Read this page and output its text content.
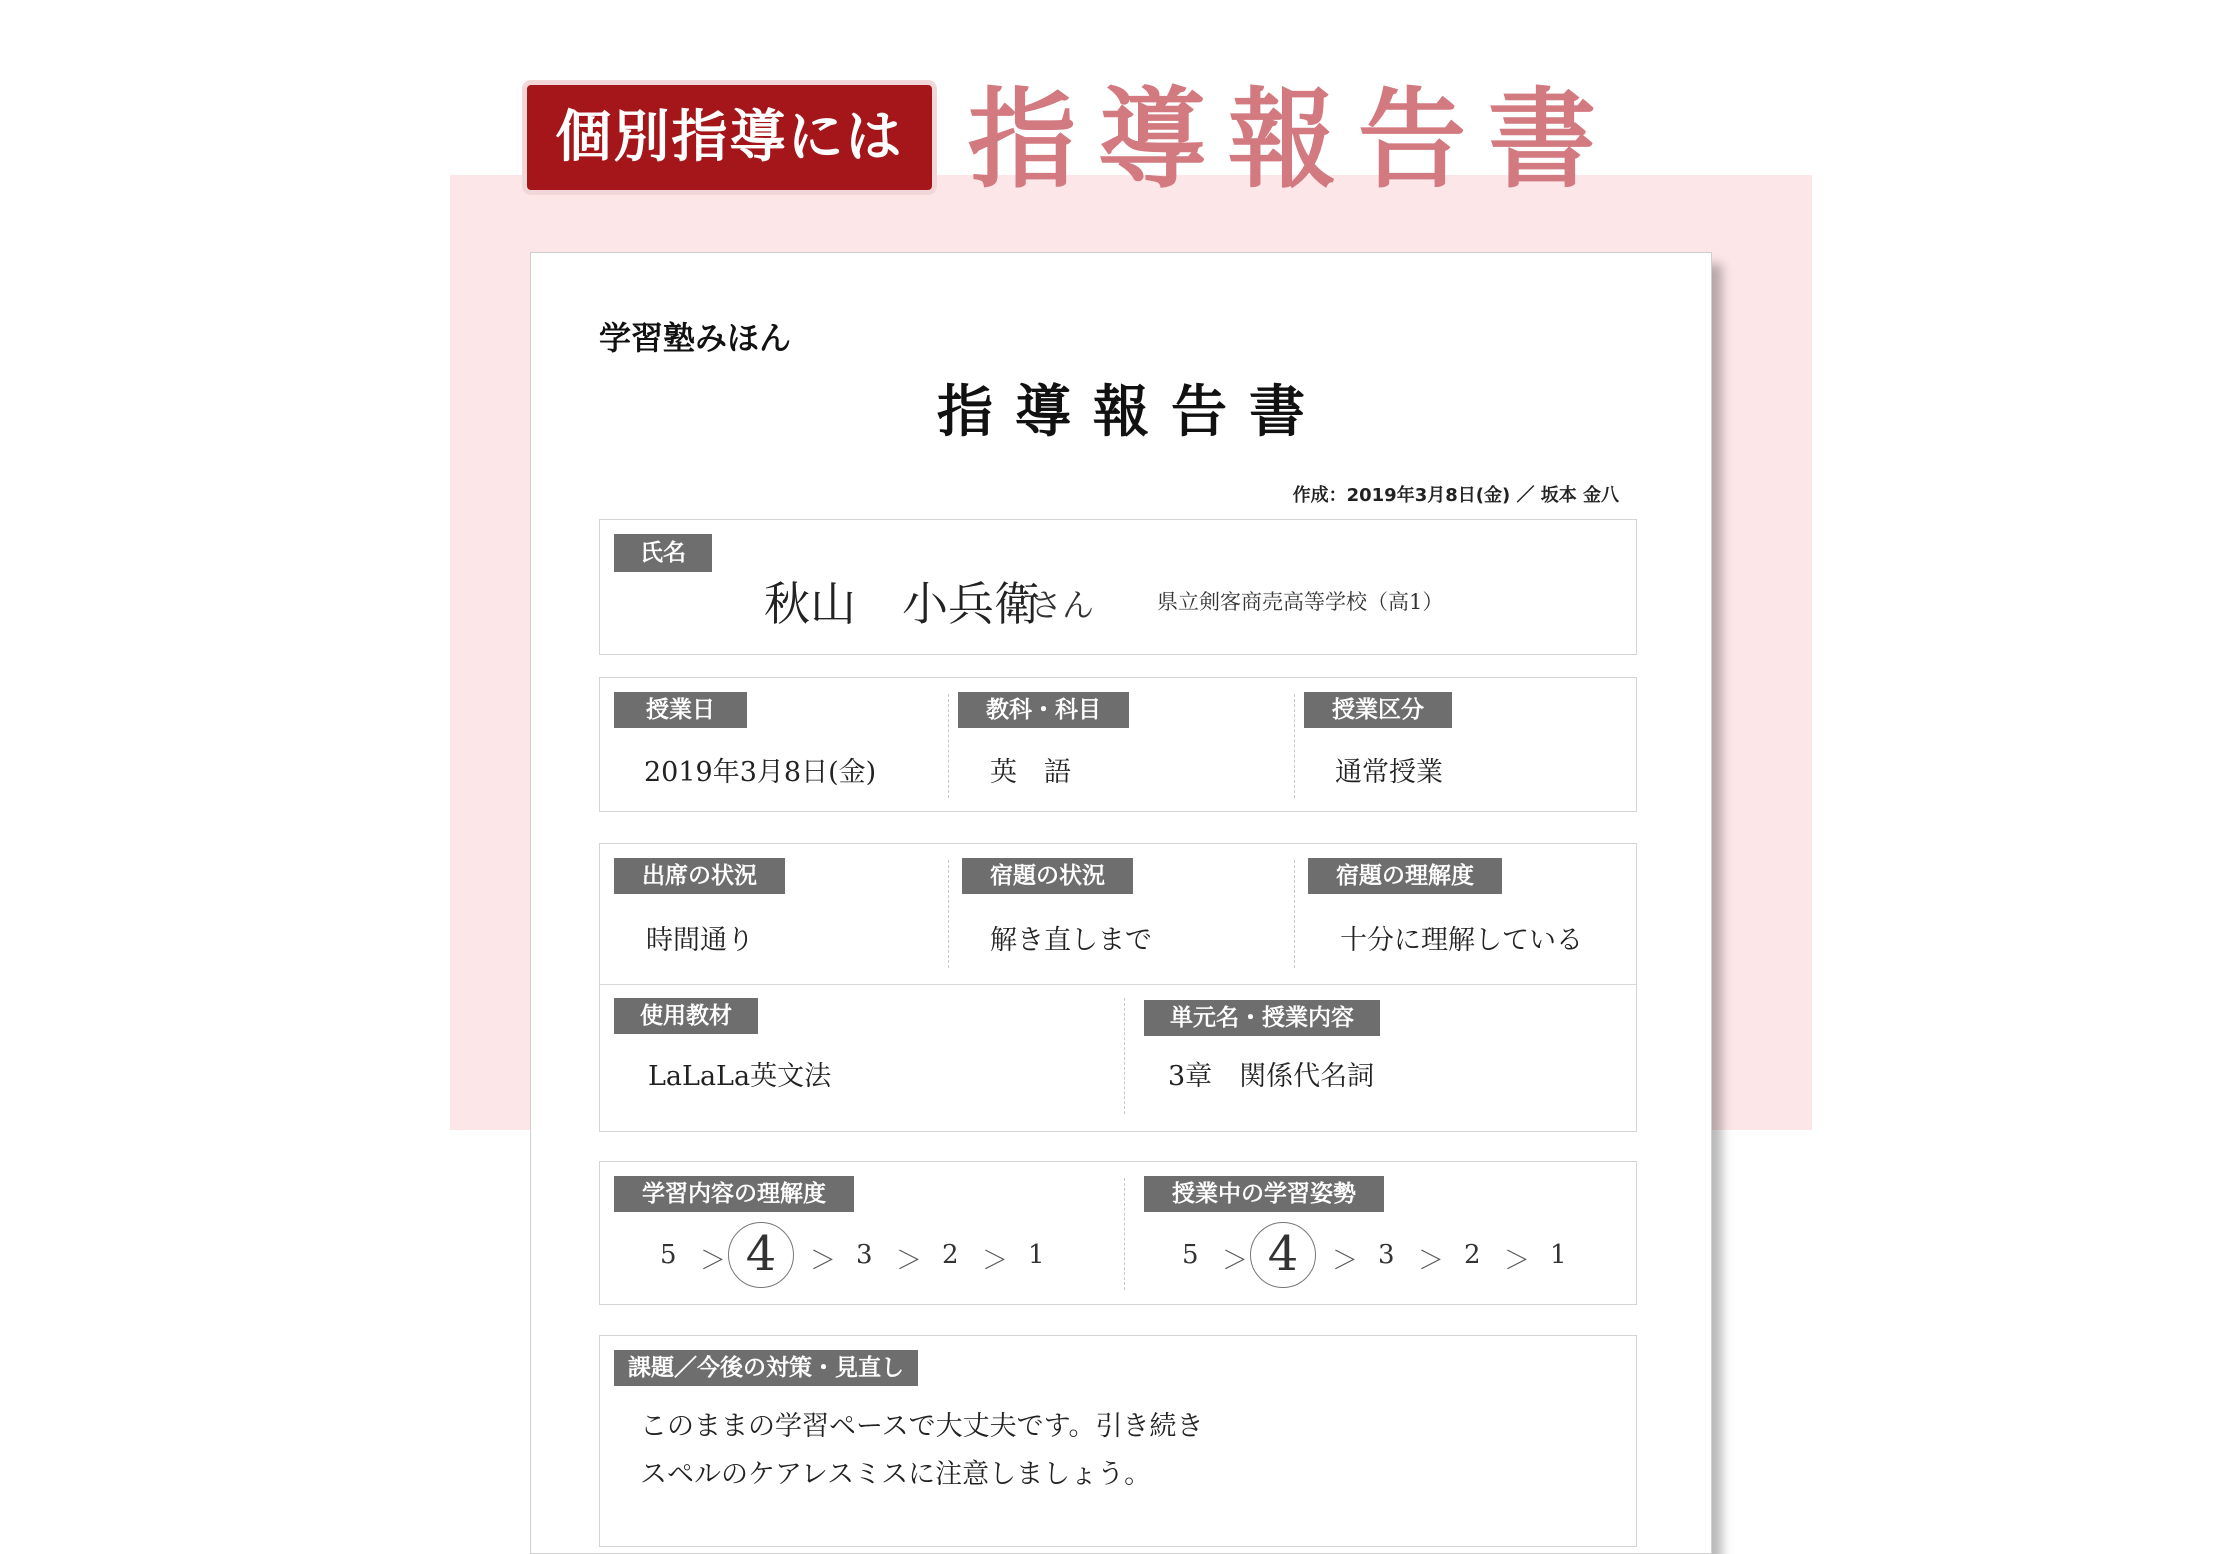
個別指導には 指導報告書
学習塾みほん
指導報告書
作成：2019年3月8日(金) ／ 坂本 金八
氏名
秋山　小兵衛
さん	県立剣客商売高等学校（高1）
授業日
2019年3月8日(金)
教科・科目
英　語
授業区分
通常授業
出席の状況
時間通り
宿題の状況
解き直しまで
宿題の理解度
十分に理解している
使用教材
LaLaLa英文法
単元名・授業内容
3章　関係代名詞
学習内容の理解度
5 ＞ 4	＞ 3 ＞ 2 ＞ 1
授業中の学習姿勢
5 ＞ 4	＞ 3 ＞ 2 ＞ 1
課題／今後の対策・見直し
このままの学習ペースで大丈夫です。引き続き
スペルのケアレスミスに注意しましょう。
